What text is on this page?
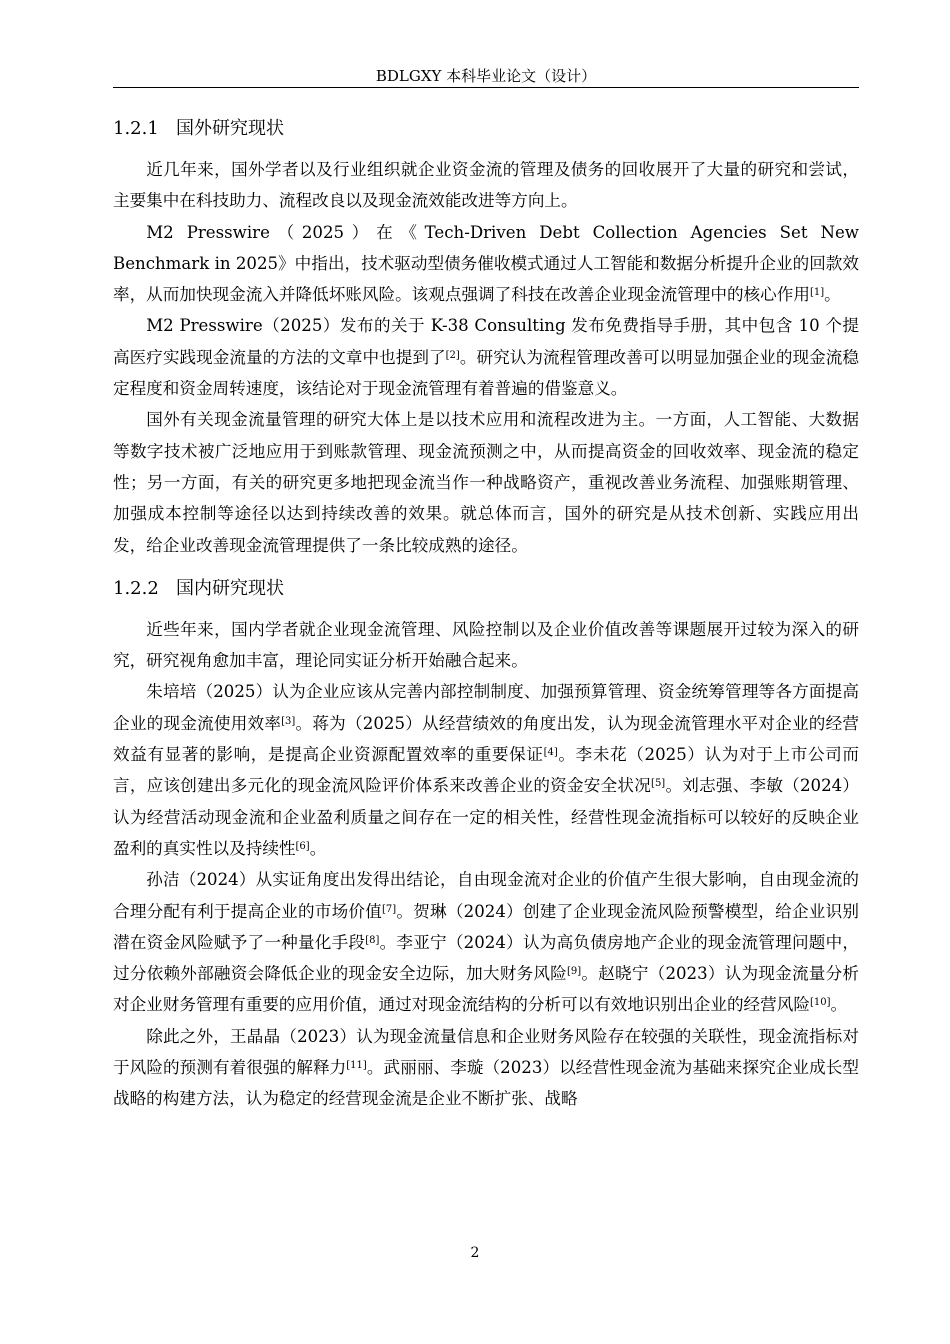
BDLGXY 本科毕业论文（设计）
1.2.1 国外研究现状

近几年来，国外学者以及行业组织就企业资金流的管理及债务的回收展开了大量的研究和尝试，主要集中在科技助力、流程改良以及现金流效能改进等方向上。

M2 Presswire（2025）在《Tech-Driven Debt Collection Agencies Set New Benchmark in 2025》中指出，技术驱动型债务催收模式通过人工智能和数据分析提升企业的回款效率，从而加快现金流入并降低坏账风险。该观点强调了科技在改善企业现金流管理中的核心作用[1]。

M2 Presswire（2025）发布的关于 K-38 Consulting 发布免费指导手册，其中包含 10 个提高医疗实践现金流量的方法的文章中也提到了[2]。研究认为流程管理改善可以明显加强企业的现金流稳定程度和资金周转速度，该结论对于现金流管理有着普遍的借鉴意义。

国外有关现金流量管理的研究大体上是以技术应用和流程改进为主。一方面，人工智能、大数据等数字技术被广泛地应用于到账款管理、现金流预测之中，从而提高资金的回收效率、现金流的稳定性；另一方面，有关的研究更多地把现金流当作一种战略资产，重视改善业务流程、加强账期管理、加强成本控制等途径以达到持续改善的效果。就总体而言，国外的研究是从技术创新、实践应用出发，给企业改善现金流管理提供了一条比较成熟的途径。

1.2.2 国内研究现状

近些年来，国内学者就企业现金流管理、风险控制以及企业价值改善等课题展开过较为深入的研究，研究视角愈加丰富，理论同实证分析开始融合起来。

朱培培（2025）认为企业应该从完善内部控制制度、加强预算管理、资金统筹管理等各方面提高企业的现金流使用效率[3]。蒋为（2025）从经营绩效的角度出发，认为现金流管理水平对企业的经营效益有显著的影响，是提高企业资源配置效率的重要保证[4]。李未花（2025）认为对于上市公司而言，应该创建出多元化的现金流风险评价体系来改善企业的资金安全状况[5]。刘志强、李敏（2024）认为经营活动现金流和企业盈利质量之间存在一定的相关性，经营性现金流指标可以较好的反映企业盈利的真实性以及持续性[6]。

孙洁（2024）从实证角度出发得出结论，自由现金流对企业的价值产生很大影响，自由现金流的合理分配有利于提高企业的市场价值[7]。贺琳（2024）创建了企业现金流风险预警模型，给企业识别潜在资金风险赋予了一种量化手段[8]。李亚宁（2024）认为高负债房地产企业的现金流管理问题中，过分依赖外部融资会降低企业的现金安全边际，加大财务风险[9]。赵晓宁（2023）认为现金流量分析对企业财务管理有重要的应用价值，通过对现金流结构的分析可以有效地识别出企业的经营风险[10]。

除此之外，王晶晶（2023）认为现金流量信息和企业财务风险存在较强的关联性，现金流指标对于风险的预测有着很强的解释力[11]。武丽丽、李璇（2023）以经营性现金流为基础来探究企业成长型战略的构建方法，认为稳定的经营现金流是企业不断扩张、战略

2
